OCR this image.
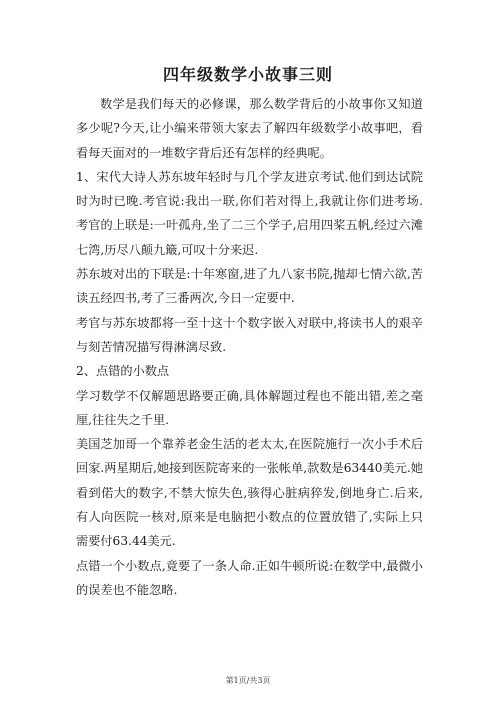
四年级数学小故事三则

数学是我们每天的必修课，那么数学背后的小故事你又知道多少呢?今天,让小编来带领大家去了解四年级数学小故事吧，看看每天面对的一堆数字背后还有怎样的经典呢。

1、宋代大诗人苏东坡年轻时与几个学友进京考试.他们到达试院时为时已晚.考官说:我出一联,你们若对得上,我就让你们进考场.考官的上联是:一叶孤舟,坐了二三个学子,启用四桨五帆,经过六滩七湾,历尽八颠九簸,可叹十分来迟.

苏东坡对出的下联是:十年寒窗,进了九八家书院,抛却七情六欲,苦读五经四书,考了三番两次,今日一定要中.

考官与苏东坡都将一至十这十个数字嵌入对联中,将读书人的艰辛与刻苦情况描写得淋漓尽致.

2、点错的小数点

学习数学不仅解题思路要正确,具体解题过程也不能出错,差之毫厘,往往失之千里.

美国芝加哥一个靠养老金生活的老太太,在医院施行一次小手术后回家.两星期后,她接到医院寄来的一张帐单,款数是63440美元.她看到偌大的数字,不禁大惊失色,骇得心脏病猝发,倒地身亡.后来,有人向医院一核对,原来是电脑把小数点的位置放错了,实际上只需要付63.44美元.

点错一个小数点,竟要了一条人命.正如牛顿所说:在数学中,最微小的误差也不能忽略.

第1页/共3页
